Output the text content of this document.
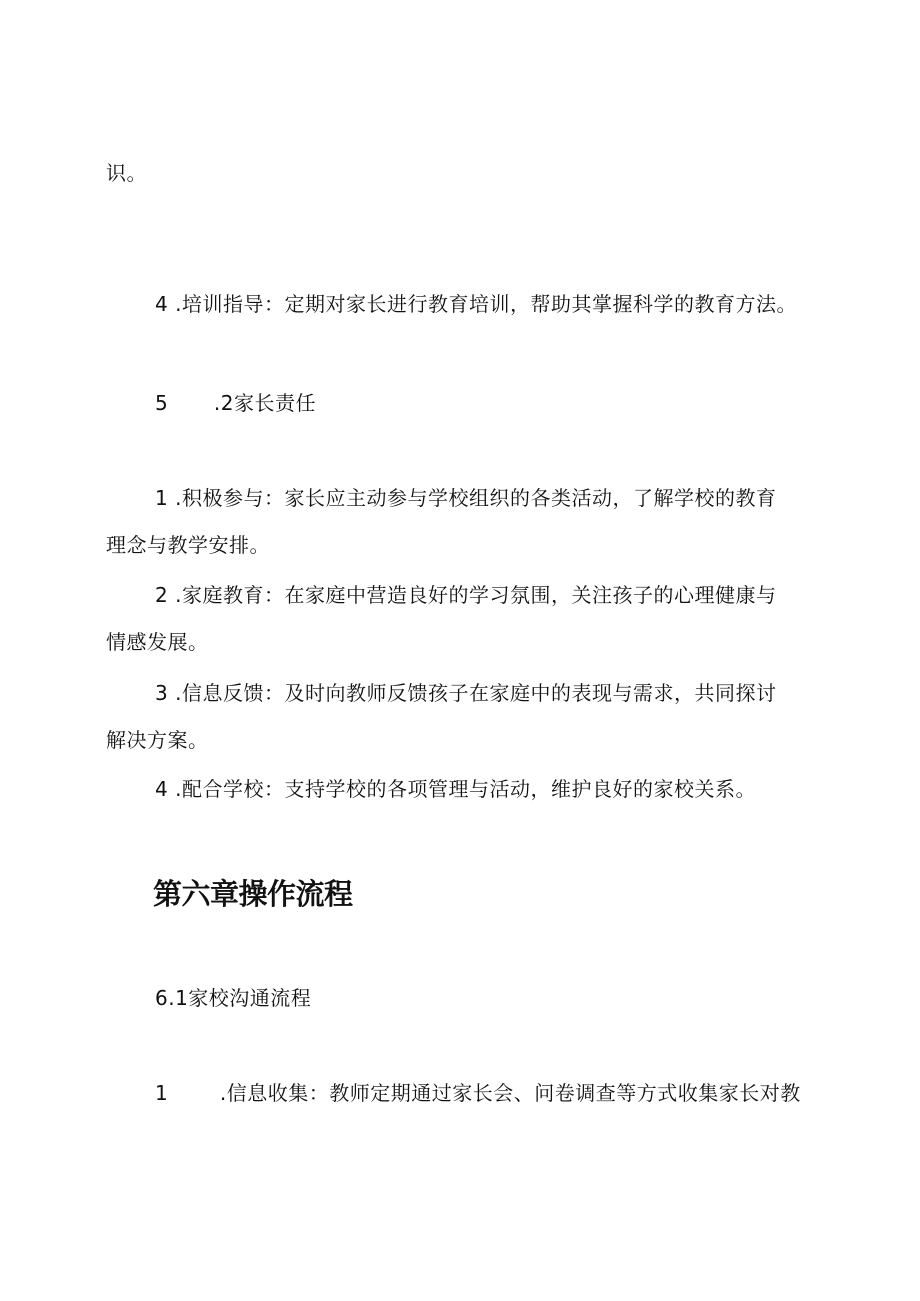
识。
4 .培训指导：定期对家长进行教育培训，帮助其掌握科学的教育方法。
5 .2家长责任
1 .积极参与：家长应主动参与学校组织的各类活动，了解学校的教育
理念与教学安排。
2 .家庭教育：在家庭中营造良好的学习氛围，关注孩子的心理健康与
情感发展。
3 .信息反馈：及时向教师反馈孩子在家庭中的表现与需求，共同探讨
解决方案。
4 .配合学校：支持学校的各项管理与活动，维护良好的家校关系。
第六章操作流程
6.1家校沟通流程
1	.信息收集：教师定期通过家长会、问卷调查等方式收集家长对教
